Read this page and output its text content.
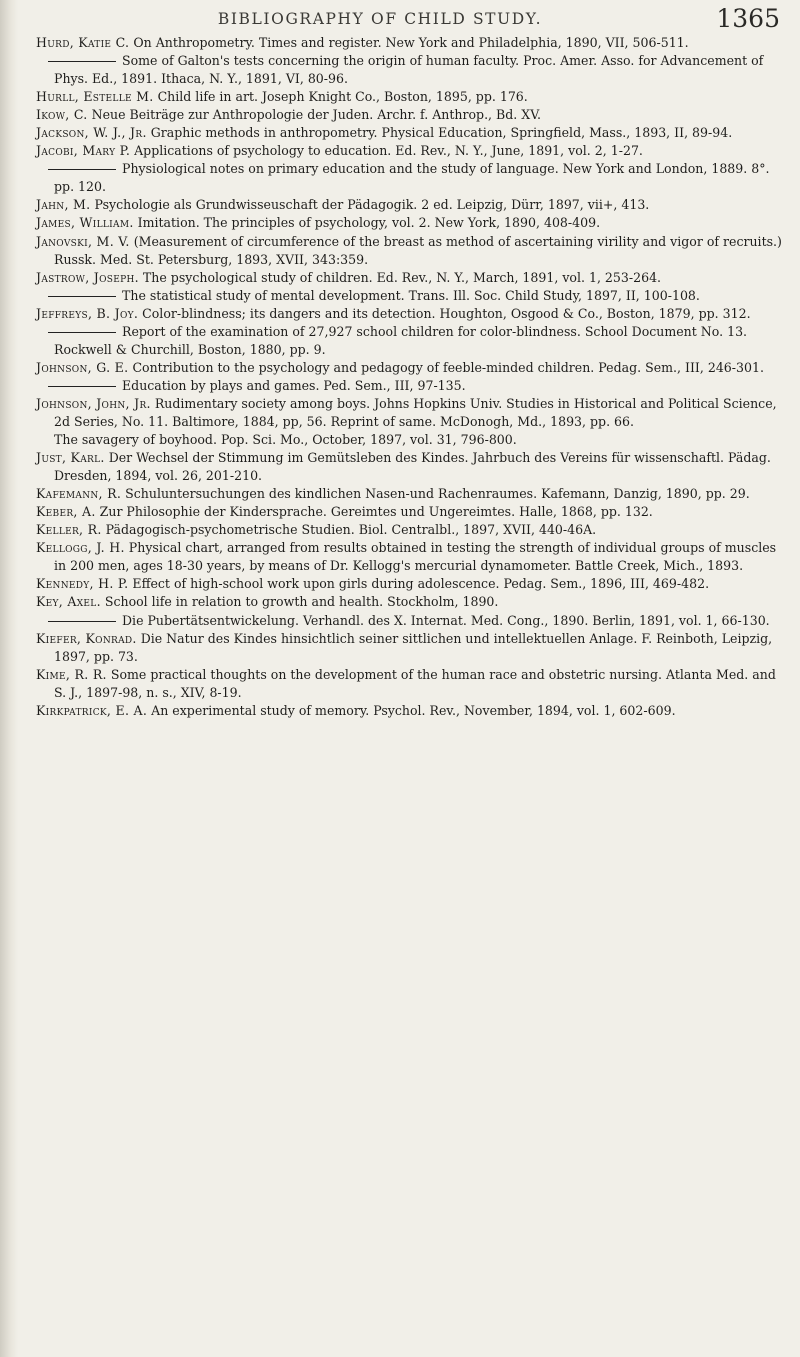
BIBLIOGRAPHY OF CHILD STUDY.	1365

Hurd, Katie C. On Anthropometry. Times and register. New York and Philadelphia, 1890, VII, 506-511.

Some of Galton's tests concerning the origin of human faculty. Proc. Amer. Asso. for Advancement of Phys. Ed., 1891. Ithaca, N. Y., 1891, VI, 80-96.

Hurll, Estelle M. Child life in art. Joseph Knight Co., Boston, 1895, pp. 176.

Ikow, C. Neue Beiträge zur Anthropologie der Juden. Archr. f. Anthrop., Bd. XV.

Jackson, W. J., Jr. Graphic methods in anthropometry. Physical Education, Springfield, Mass., 1893, II, 89-94.

Jacobi, Mary P. Applications of psychology to education. Ed. Rev., N. Y., June, 1891, vol. 2, 1-27.

Physiological notes on primary education and the study of language. New York and London, 1889. 8°. pp. 120.

Jahn, M. Psychologie als Grundwisseuschaft der Pädagogik. 2 ed. Leipzig, Dürr, 1897, vii+, 413.

James, William. Imitation. The principles of psychology, vol. 2. New York, 1890, 408-409.

Janovski, M. V. (Measurement of circumference of the breast as method of ascertaining virility and vigor of recruits.) Russk. Med. St. Petersburg, 1893, XVII, 343:359.

Jastrow, Joseph. The psychological study of children. Ed. Rev., N. Y., March, 1891, vol. 1, 253-264.

The statistical study of mental development. Trans. Ill. Soc. Child Study, 1897, II, 100-108.

Jeffreys, B. Joy. Color-blindness; its dangers and its detection. Houghton, Osgood & Co., Boston, 1879, pp. 312.

Report of the examination of 27,927 school children for color-blindness. School Document No. 13. Rockwell & Churchill, Boston, 1880, pp. 9.

Johnson, G. E. Contribution to the psychology and pedagogy of feeble-minded children. Pedag. Sem., III, 246-301.

Education by plays and games. Ped. Sem., III, 97-135.

Johnson, John, Jr. Rudimentary society among boys. Johns Hopkins Univ. Studies in Historical and Political Science, 2d Series, No. 11. Baltimore, 1884, pp, 56. Reprint of same. McDonogh, Md., 1893, pp. 66.

The savagery of boyhood. Pop. Sci. Mo., October, 1897, vol. 31, 796-800.

Just, Karl. Der Wechsel der Stimmung im Gemütsleben des Kindes. Jahrbuch des Vereins für wissenschaftl. Pädag. Dresden, 1894, vol. 26, 201-210.

Kafemann, R. Schuluntersuchungen des kindlichen Nasen-und Rachenraumes. Kafemann, Danzig, 1890, pp. 29.

Keber, A. Zur Philosophie der Kindersprache. Gereimtes und Ungereimtes. Halle, 1868, pp. 132.

Keller, R. Pädagogisch-psychometrische Studien. Biol. Centralbl., 1897, XVII, 440-46A.

Kellogg, J. H. Physical chart, arranged from results obtained in testing the strength of individual groups of muscles in 200 men, ages 18-30 years, by means of Dr. Kellogg's mercurial dynamometer. Battle Creek, Mich., 1893.

Kennedy, H. P. Effect of high-school work upon girls during adolescence. Pedag. Sem., 1896, III, 469-482.

Key, Axel. School life in relation to growth and health. Stockholm, 1890.

Die Pubertätsentwickelung. Verhandl. des X. Internat. Med. Cong., 1890. Berlin, 1891, vol. 1, 66-130.

Kiefer, Konrad. Die Natur des Kindes hinsichtlich seiner sittlichen und intellektuellen Anlage. F. Reinboth, Leipzig, 1897, pp. 73.

Kime, R. R. Some practical thoughts on the development of the human race and obstetric nursing. Atlanta Med. and S. J., 1897-98, n. s., XIV, 8-19.

Kirkpatrick, E. A. An experimental study of memory. Psychol. Rev., November, 1894, vol. 1, 602-609.
